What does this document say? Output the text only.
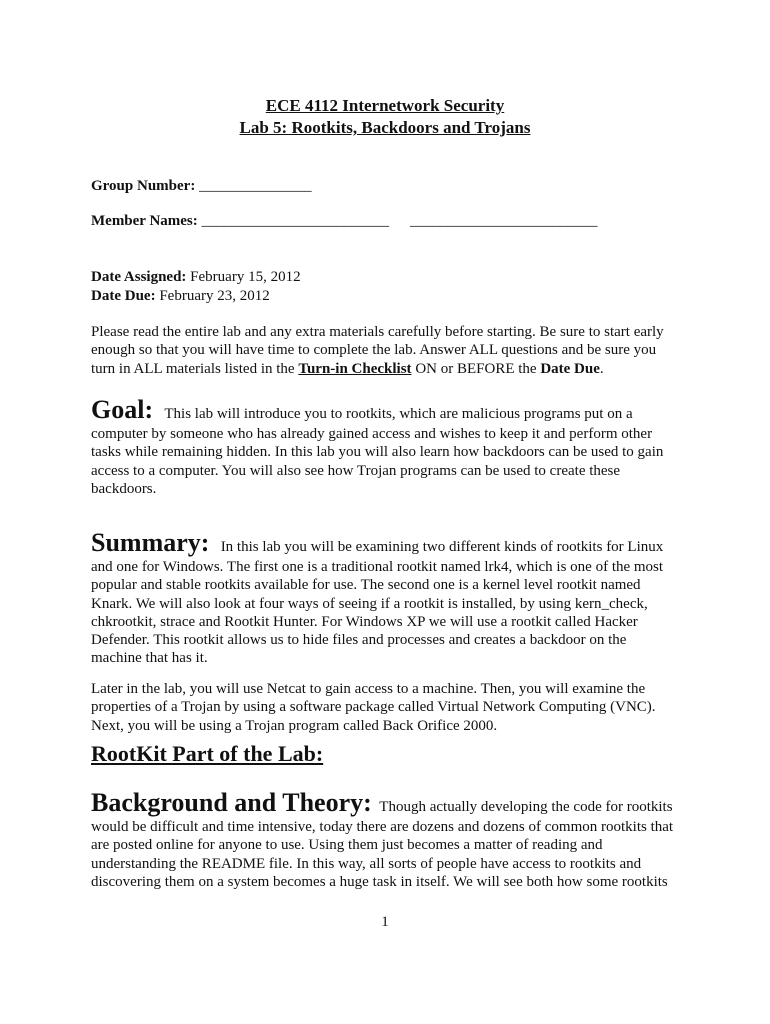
ECE 4112 Internetwork Security
Lab 5: Rootkits, Backdoors and Trojans
Group Number: _______________
Member Names: _________________________ _________________________
Date Assigned: February 15, 2012
Date Due: February 23, 2012
Please read the entire lab and any extra materials carefully before starting. Be sure to start early
enough so that you will have time to complete the lab. Answer ALL questions and be sure you
turn in ALL materials listed in the Turn-in Checklist ON or BEFORE the Date Due.
Goal: This lab will introduce you to rootkits, which are malicious programs put on a
computer by someone who has already gained access and wishes to keep it and perform other
tasks while remaining hidden. In this lab you will also learn how backdoors can be used to gain
access to a computer. You will also see how Trojan programs can be used to create these
backdoors.
Summary: In this lab you will be examining two different kinds of rootkits for Linux
and one for Windows. The first one is a traditional rootkit named lrk4, which is one of the most
popular and stable rootkits available for use. The second one is a kernel level rootkit named
Knark. We will also look at four ways of seeing if a rootkit is installed, by using kern_check,
chkrootkit, strace and Rootkit Hunter. For Windows XP we will use a rootkit called Hacker
Defender. This rootkit allows us to hide files and processes and creates a backdoor on the
machine that has it.
Later in the lab, you will use Netcat to gain access to a machine. Then, you will examine the
properties of a Trojan by using a software package called Virtual Network Computing (VNC).
Next, you will be using a Trojan program called Back Orifice 2000.
RootKit Part of the Lab:
Background and Theory: Though actually developing the code for rootkits
would be difficult and time intensive, today there are dozens and dozens of common rootkits that
are posted online for anyone to use. Using them just becomes a matter of reading and
understanding the README file. In this way, all sorts of people have access to rootkits and
discovering them on a system becomes a huge task in itself. We will see both how some rootkits
1
